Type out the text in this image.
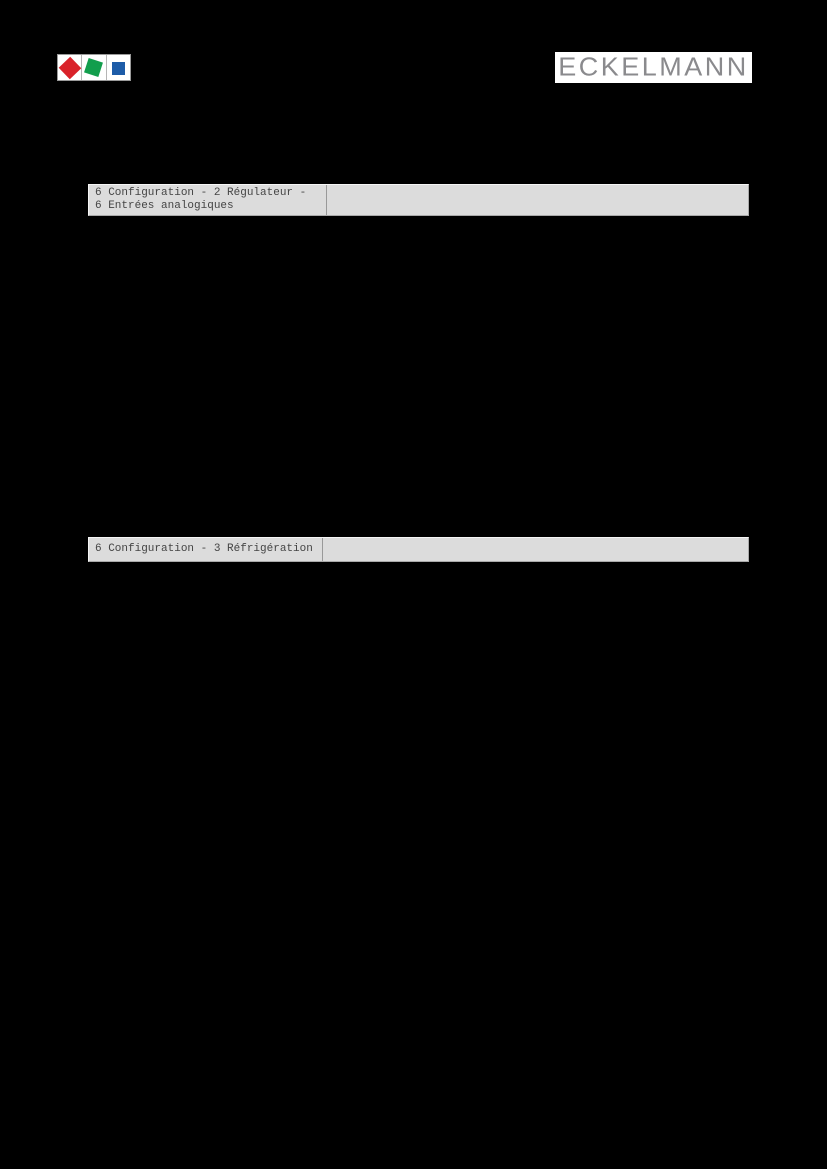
ECKELMANN
6 Configuration - 2 Régulateur -
6 Entrées analogiques
6 Configuration - 3 Réfrigération
